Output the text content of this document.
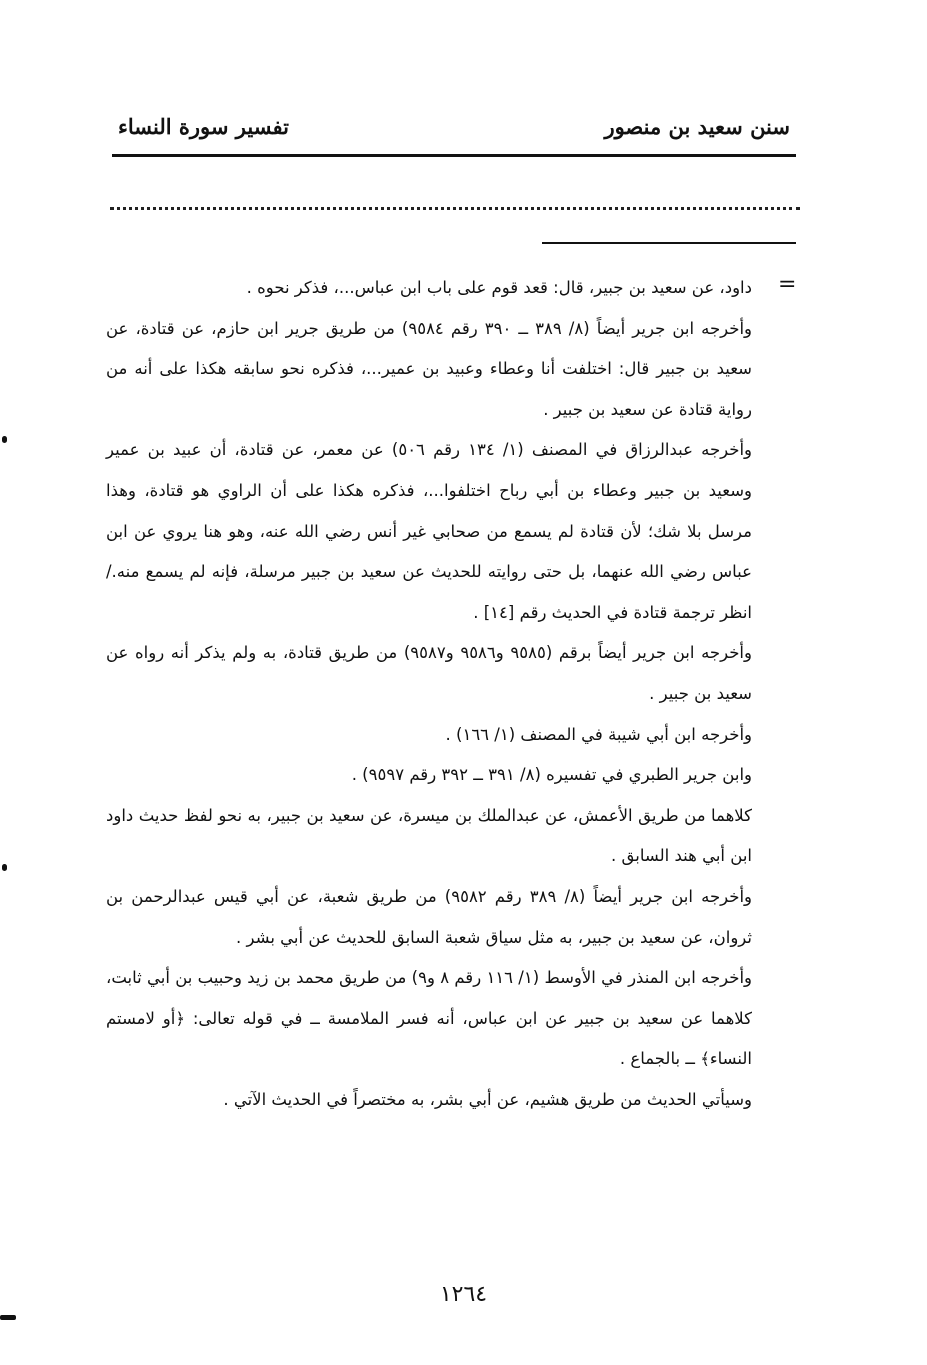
سنن سعيد بن منصور
تفسير سورة النساء
=

داود، عن سعيد بن جبير، قال: قعد قوم على باب ابن عباس...، فذكر نحوه .

وأخرجه ابن جرير أيضاً (٨/ ٣٨٩ ــ ٣٩٠ رقم ٩٥٨٤) من طريق جرير ابن حازم، عن قتادة، عن سعيد بن جبير قال: اختلفت أنا وعطاء وعبيد بن عمير...، فذكره نحو سابقه هكذا على أنه من رواية قتادة عن سعيد بن جبير .

وأخرجه عبدالرزاق في المصنف (١/ ١٣٤ رقم ٥٠٦) عن معمر، عن قتادة، أن عبيد بن عمير وسعيد بن جبير وعطاء بن أبي رباح اختلفوا...، فذكره هكذا على أن الراوي هو قتادة، وهذا مرسل بلا شك؛ لأن قتادة لم يسمع من صحابي غير أنس رضي الله عنه، وهو هنا يروي عن ابن عباس رضي الله عنهما، بل حتى روايته للحديث عن سعيد بن جبير مرسلة، فإنه لم يسمع منه./ انظر ترجمة قتادة في الحديث رقم [١٤] .

وأخرجه ابن جرير أيضاً برقم (٩٥٨٥ و٩٥٨٦ و٩٥٨٧) من طريق قتادة، به ولم يذكر أنه رواه عن سعيد بن جبير .

وأخرجه ابن أبي شيبة في المصنف (١/ ١٦٦) .

وابن جرير الطبري في تفسيره (٨/ ٣٩١ ــ ٣٩٢ رقم ٩٥٩٧) .

كلاهما من طريق الأعمش، عن عبدالملك بن ميسرة، عن سعيد بن جبير، به نحو لفظ حديث داود ابن أبي هند السابق .

وأخرجه ابن جرير أيضاً (٨/ ٣٨٩ رقم ٩٥٨٢) من طريق شعبة، عن أبي قيس عبدالرحمن بن ثروان، عن سعيد بن جبير، به مثل سياق شعبة السابق للحديث عن أبي بشر .

وأخرجه ابن المنذر في الأوسط (١/ ١١٦ رقم ٨ و٩) من طريق محمد بن زيد وحبيب بن أبي ثابت، كلاهما عن سعيد بن جبير عن ابن عباس، أنه فسر الملامسة ــ في قوله تعالى: ﴿أو لامستم النساء﴾ ــ بالجماع .

وسيأتي الحديث من طريق هشيم، عن أبي بشر، به مختصراً في الحديث الآتي .

١٢٦٤
